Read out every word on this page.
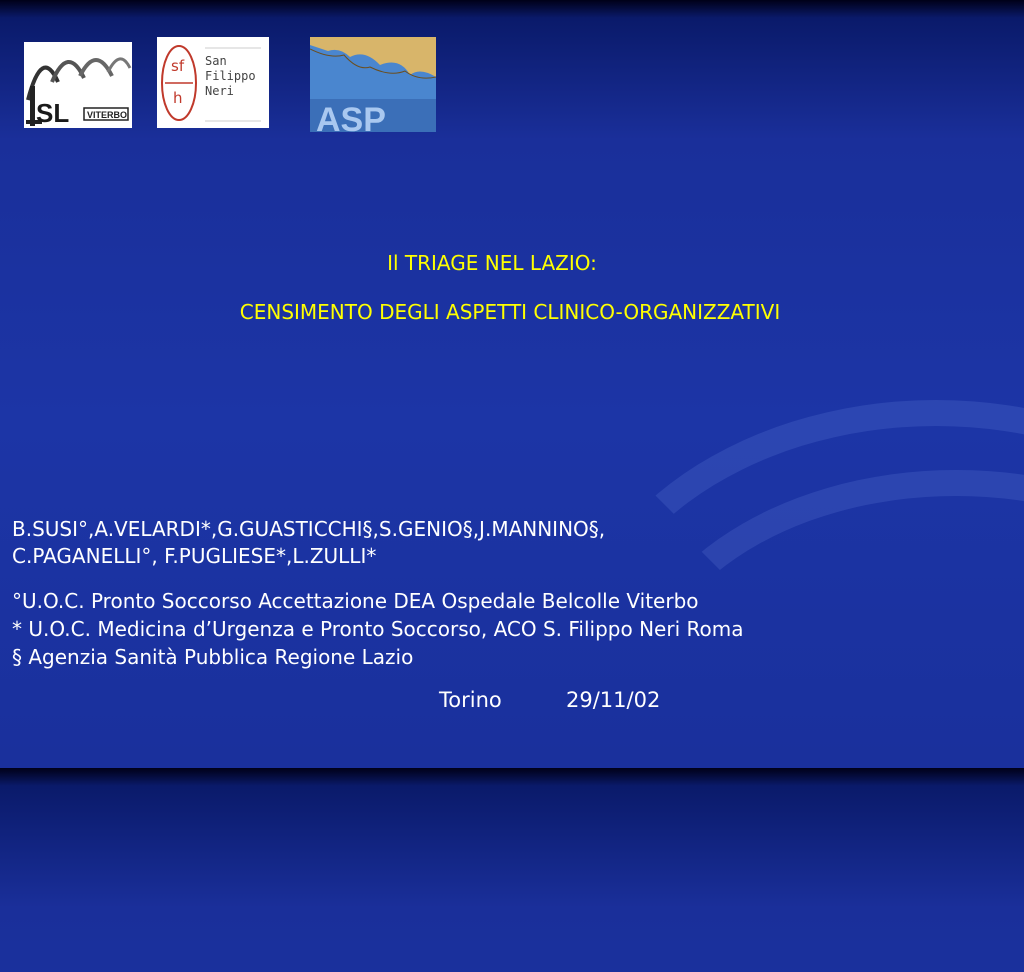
SL VITERBO
sf
h
San
Filippo
Neri
ASP

Il TRIAGE NEL LAZIO:

CENSIMENTO DEGLI ASPETTI CLINICO-ORGANIZZATIVI

B.SUSI°,A.VELARDI*,G.GUASTICCHI§,S.GENIO§,J.MANNINO§,

C.PAGANELLI°, F.PUGLIESE*,L.ZULLI*

°U.O.C. Pronto Soccorso Accettazione DEA Ospedale Belcolle Viterbo

* U.O.C. Medicina d’Urgenza e Pronto Soccorso, ACO S. Filippo Neri Roma

§ Agenzia Sanità Pubblica Regione Lazio

Torino	29/11/02
